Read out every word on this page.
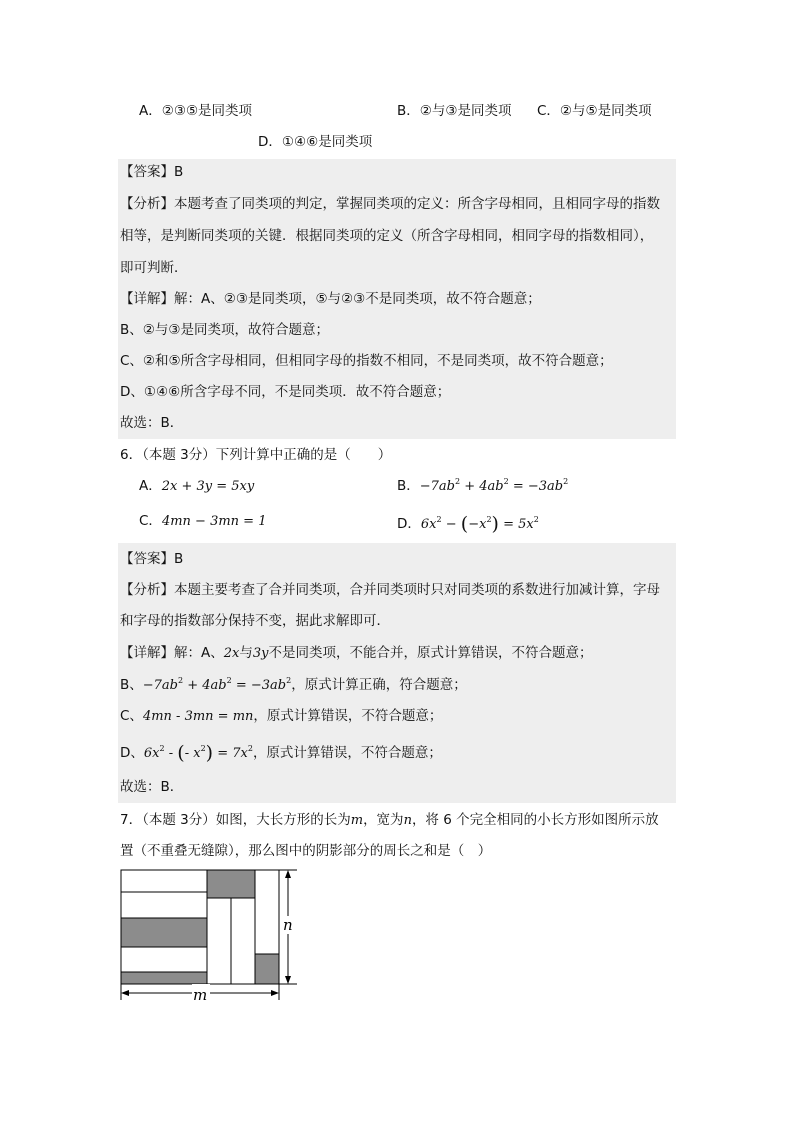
A．②③⑤是同类项	B．②与③是同类项 C．②与⑤是同类项
D．①④⑥是同类项
【答案】B
【分析】本题考查了同类项的判定，掌握同类项的定义：所含字母相同，且相同字母的指数
相等，是判断同类项的关键．根据同类项的定义（所含字母相同，相同字母的指数相同），
即可判断．
【详解】解：A、②③是同类项，⑤与②③不是同类项，故不符合题意；
B、②与③是同类项，故符合题意；
C、②和⑤所含字母相同，但相同字母的指数不相同，不是同类项，故不符合题意；
D、①④⑥所含字母不同，不是同类项．故不符合题意；
故选：B．
6．（本题 3分）下列计算中正确的是（　　）
A．2x + 3y = 5xy	B．$-7ab^2 + 4ab^2 = -3ab^2$
C．4mn − 3mn = 1	D．$6x^2 - (-x^2) = 5x^2$
【答案】B
【分析】本题主要考查了合并同类项，合并同类项时只对同类项的系数进行加减计算，字母
和字母的指数部分保持不变，据此求解即可．
【详解】解：A、2x与3y不是同类项，不能合并，原式计算错误，不符合题意；
B、$-7ab^2 + 4ab^2 = -3ab^2$，原式计算正确，符合题意；
C、4mn - 3mn = mn，原式计算错误，不符合题意；
D、$6x^2$ - (- $x^2) = 7x^2$，原式计算错误，不符合题意；
故选：B．
7．（本题 3分）如图，大长方形的长为m，宽为n，将 6 个完全相同的小长方形如图所示放
置（不重叠无缝隙），那么图中的阴影部分的周长之和是（　）
n
m
